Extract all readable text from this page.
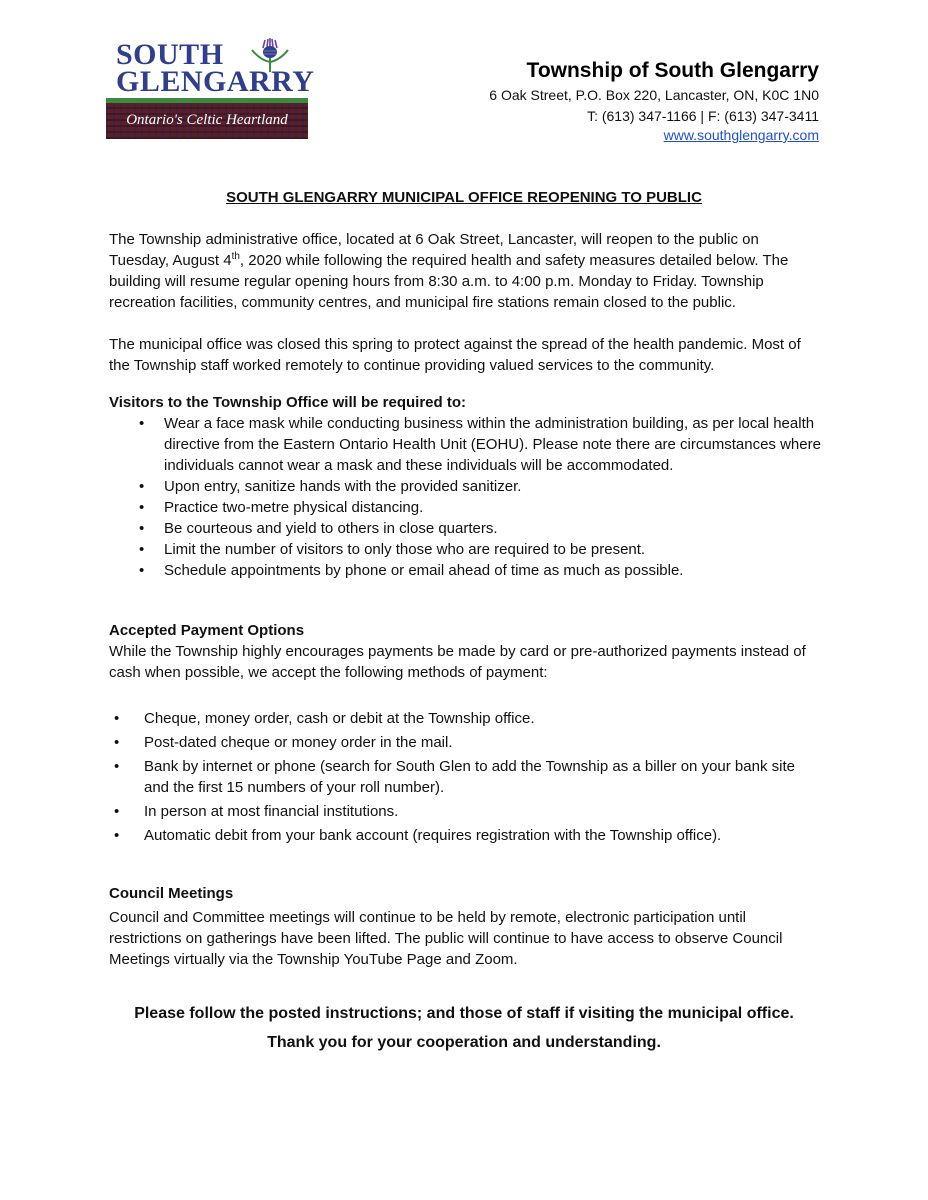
SOUTH
GLENGARRY
Ontario's Celtic Heartland
Township of South Glengarry
6 Oak Street, P.O. Box 220, Lancaster, ON, K0C 1N0
T: (613) 347-1166 | F: (613) 347-3411
www.southglengarry.com
SOUTH GLENGARRY MUNICIPAL OFFICE REOPENING TO PUBLIC

The Township administrative office, located at 6 Oak Street, Lancaster, will reopen to the public on Tuesday, August 4th, 2020 while following the required health and safety measures detailed below. The building will resume regular opening hours from 8:30 a.m. to 4:00 p.m. Monday to Friday. Township recreation facilities, community centres, and municipal fire stations remain closed to the public.

The municipal office was closed this spring to protect against the spread of the health pandemic. Most of the Township staff worked remotely to continue providing valued services to the community.

Visitors to the Township Office will be required to:

• Wear a face mask while conducting business within the administration building, as per local health directive from the Eastern Ontario Health Unit (EOHU). Please note there are circumstances where individuals cannot wear a mask and these individuals will be accommodated.
• Upon entry, sanitize hands with the provided sanitizer.
• Practice two-metre physical distancing.
• Be courteous and yield to others in close quarters.
• Limit the number of visitors to only those who are required to be present.
• Schedule appointments by phone or email ahead of time as much as possible.

Accepted Payment Options

While the Township highly encourages payments be made by card or pre-authorized payments instead of cash when possible, we accept the following methods of payment:

• Cheque, money order, cash or debit at the Township office.
• Post-dated cheque or money order in the mail.
• Bank by internet or phone (search for South Glen to add the Township as a biller on your bank site and the first 15 numbers of your roll number).
• In person at most financial institutions.
• Automatic debit from your bank account (requires registration with the Township office).

Council Meetings

Council and Committee meetings will continue to be held by remote, electronic participation until restrictions on gatherings have been lifted. The public will continue to have access to observe Council Meetings virtually via the Township YouTube Page and Zoom.

Please follow the posted instructions; and those of staff if visiting the municipal office.
Thank you for your cooperation and understanding.
